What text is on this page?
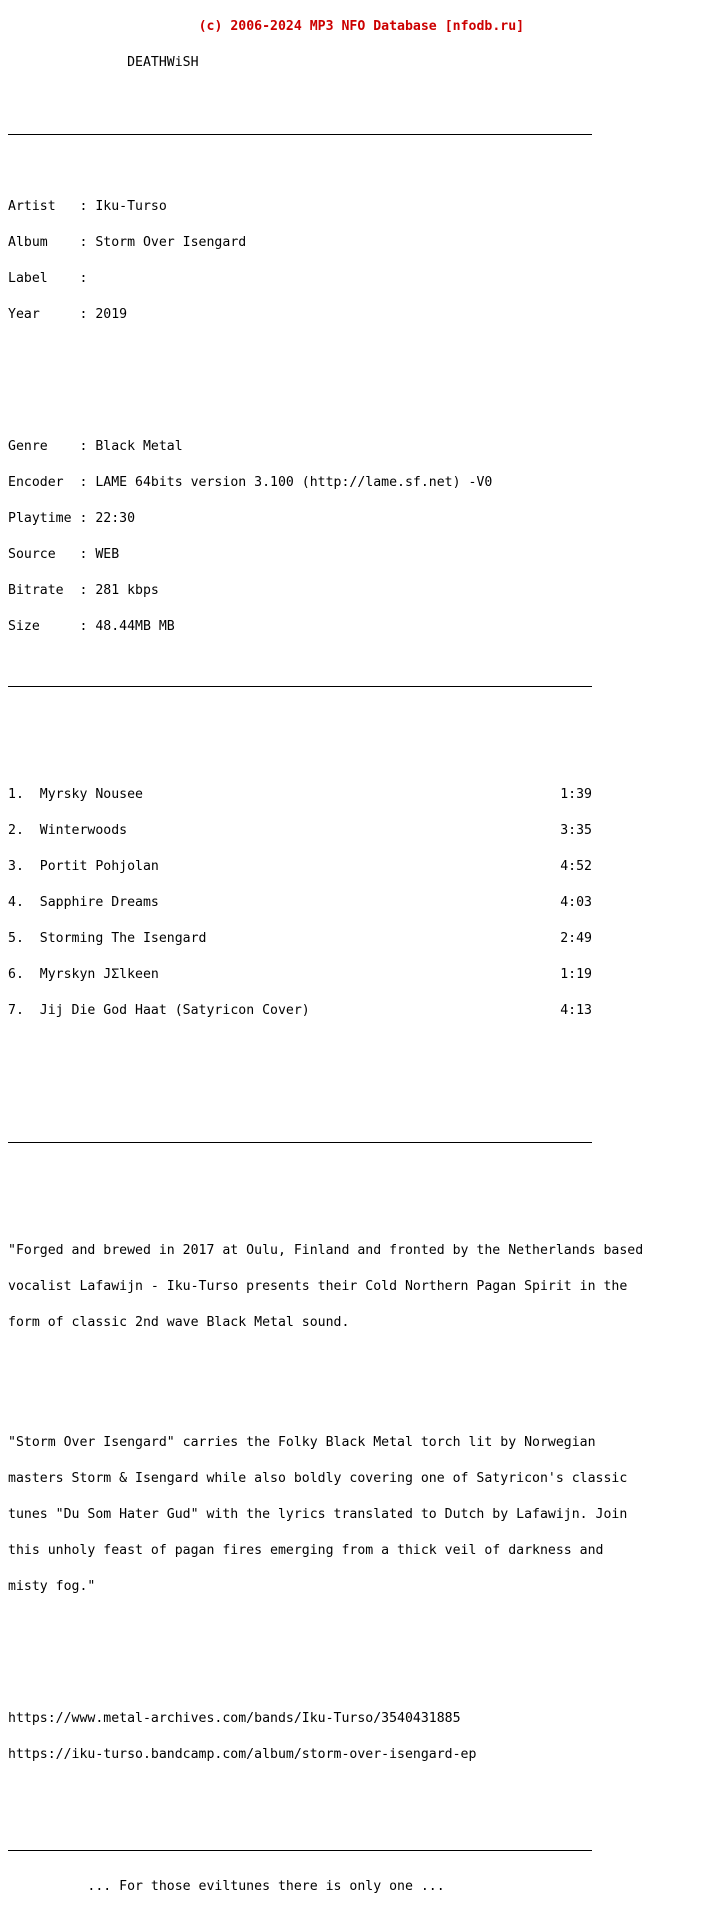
(c) 2006-2024 MP3 NFO Database [nfodb.ru]

DEATHWiSH

Artist   : Iku-Turso

Album    : Storm Over Isengard

Label    :

Year     : 2019

Genre    : Black Metal

Encoder  : LAME 64bits version 3.100 (http://lame.sf.net) -V0

Playtime : 22:30

Source   : WEB

Bitrate  : 281 kbps

Size     : 48.44MB MB

1. Myrsky Nousee	1:39

2. Winterwoods	3:35

3. Portit Pohjolan	4:52

4. Sapphire Dreams	4:03

5. Storming The Isengard	2:49

6. Myrskyn JΣlkeen	1:19

7. Jij Die God Haat (Satyricon Cover)	4:13

"Forged and brewed in 2017 at Oulu, Finland and fronted by the Netherlands based

vocalist Lafawijn - Iku-Turso presents their Cold Northern Pagan Spirit in the

form of classic 2nd wave Black Metal sound.

"Storm Over Isengard" carries the Folky Black Metal torch lit by Norwegian

masters Storm & Isengard while also boldly covering one of Satyricon's classic

tunes "Du Som Hater Gud" with the lyrics translated to Dutch by Lafawijn. Join

this unholy feast of pagan fires emerging from a thick veil of darkness and

misty fog."

https://www.metal-archives.com/bands/Iku-Turso/3540431885

https://iku-turso.bandcamp.com/album/storm-over-isengard-ep

... For those eviltunes there is only one ...
